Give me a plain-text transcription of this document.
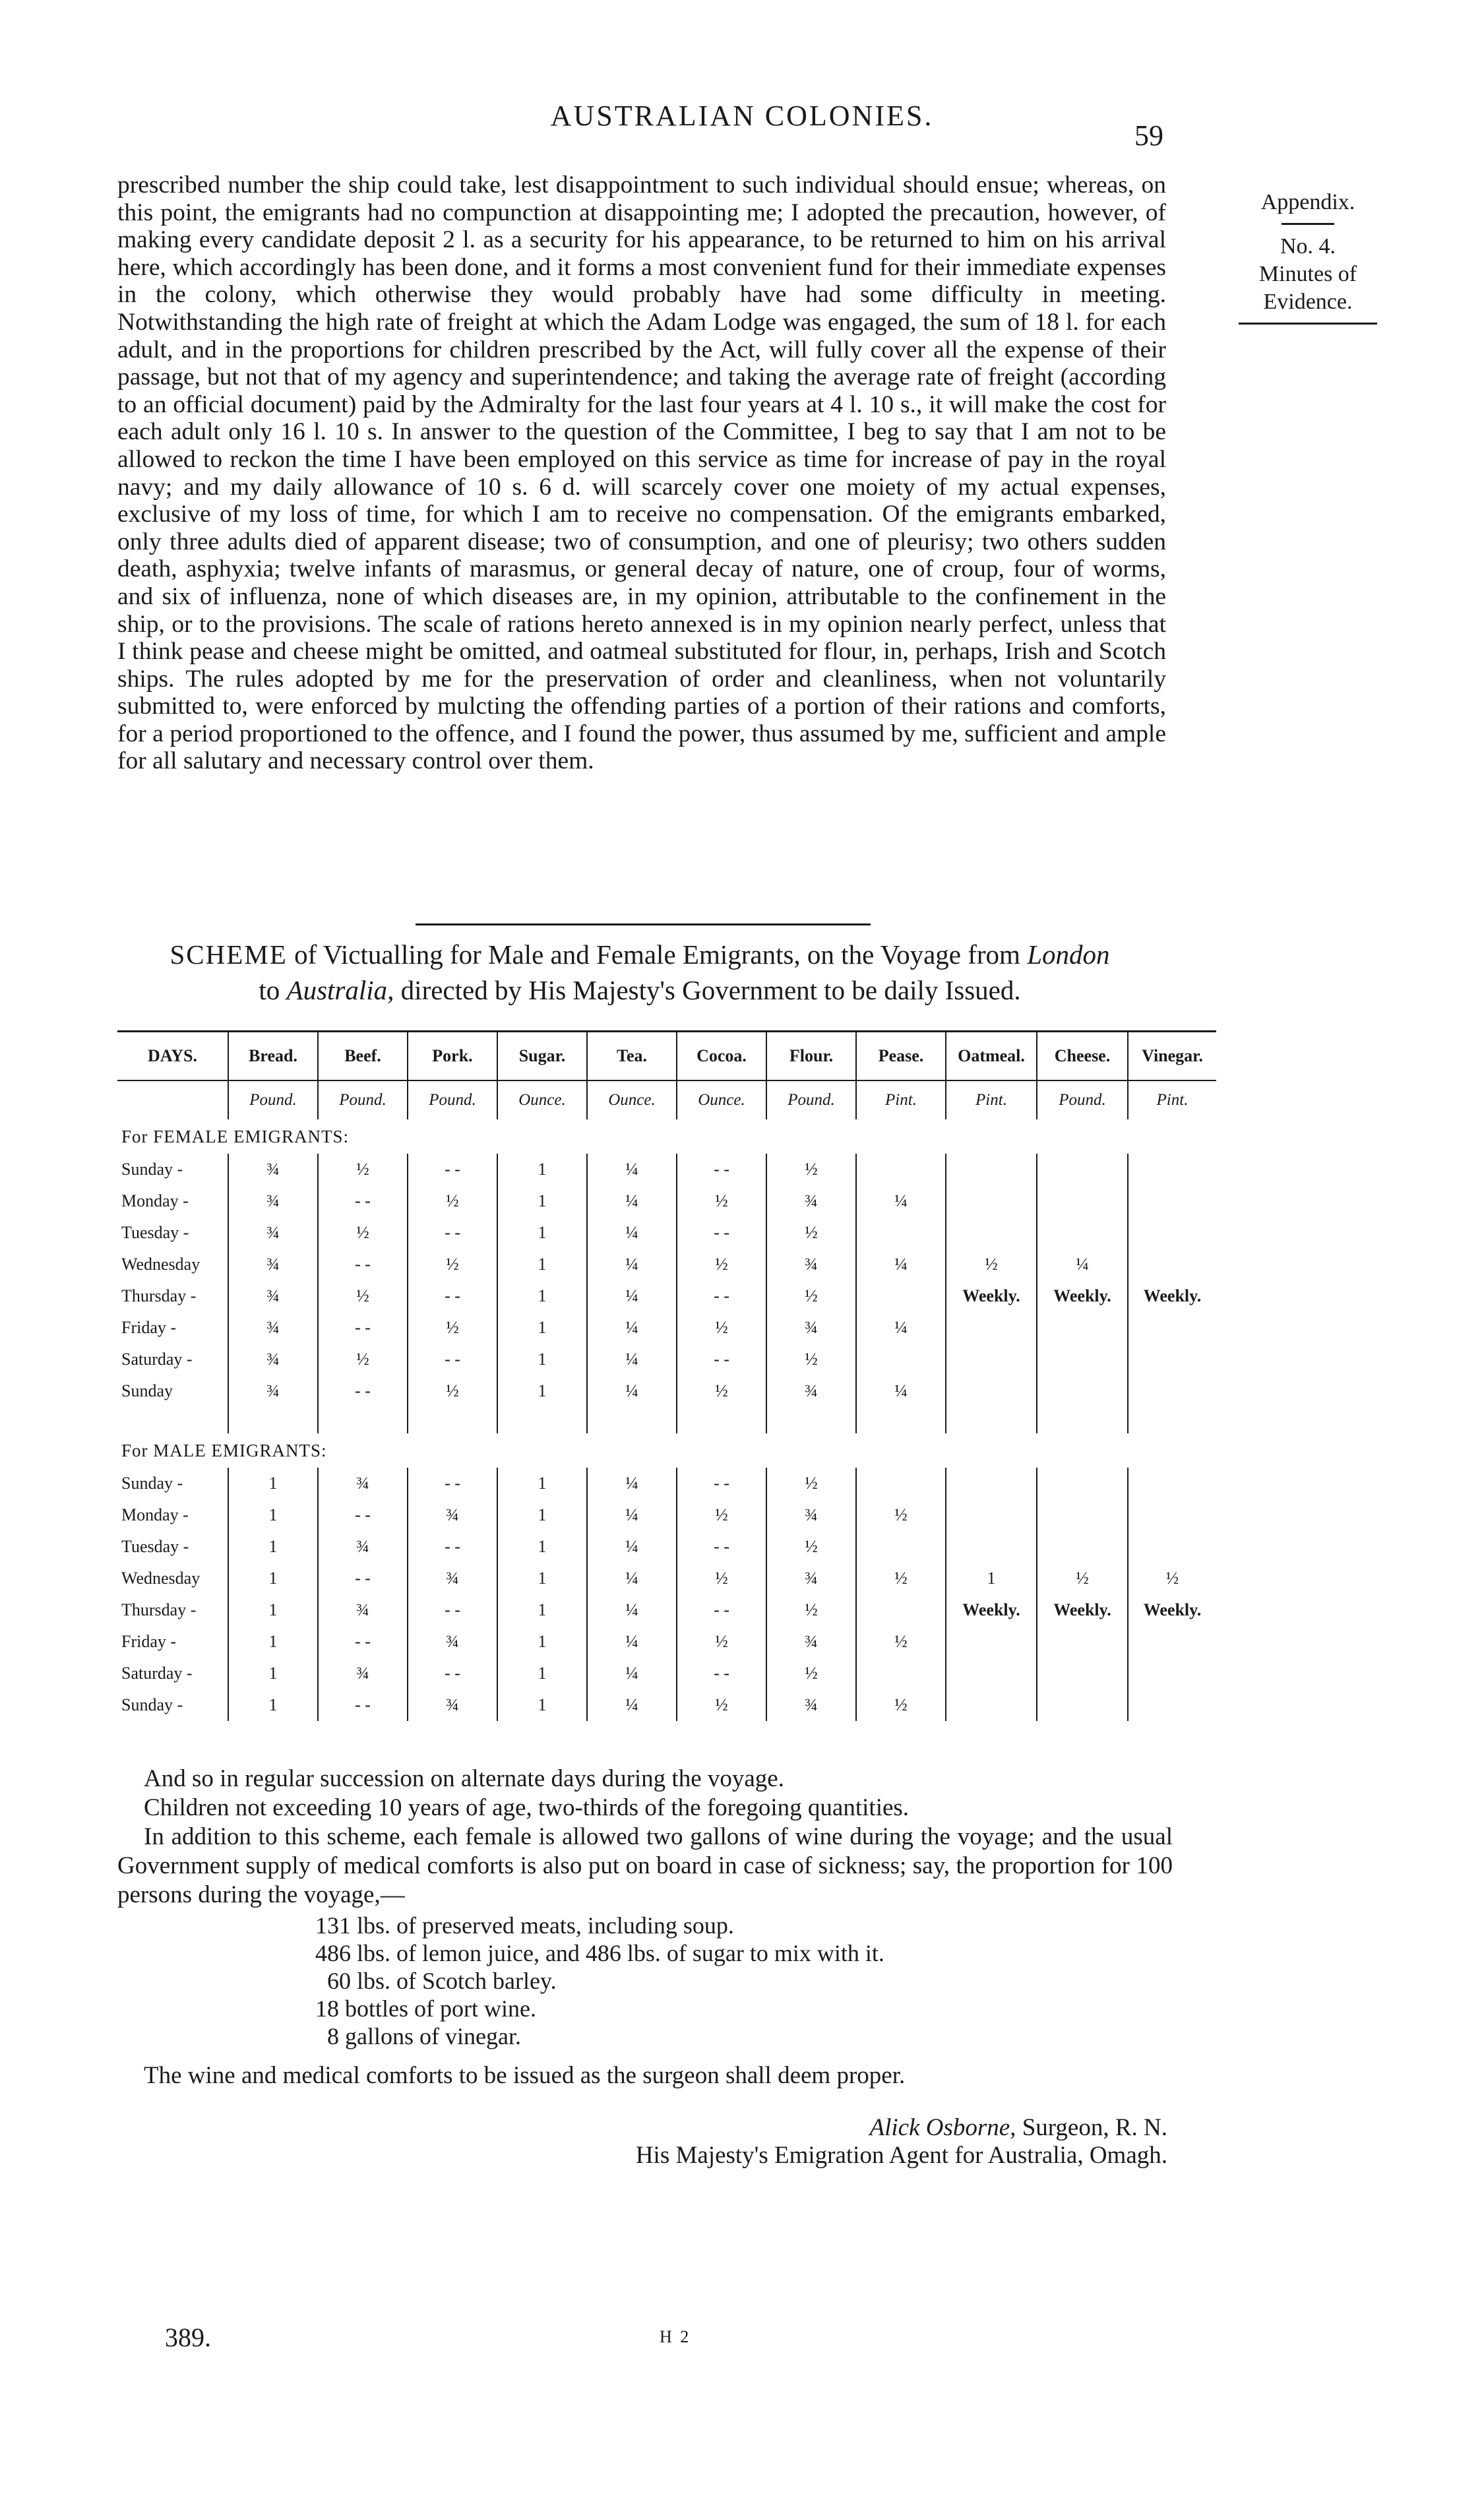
AUSTRALIAN COLONIES.
59
Appendix.
No. 4.
Minutes of
Evidence.
prescribed number the ship could take, lest disappointment to such individual should ensue; whereas, on this point, the emigrants had no compunction at disappointing me; I adopted the precaution, however, of making every candidate deposit 2 l. as a security for his appearance, to be returned to him on his arrival here, which accordingly has been done, and it forms a most convenient fund for their immediate expenses in the colony, which otherwise they would probably have had some difficulty in meeting. Notwithstanding the high rate of freight at which the Adam Lodge was engaged, the sum of 18 l. for each adult, and in the proportions for children prescribed by the Act, will fully cover all the expense of their passage, but not that of my agency and superintendence; and taking the average rate of freight (according to an official document) paid by the Admiralty for the last four years at 4 l. 10 s., it will make the cost for each adult only 16 l. 10 s. In answer to the question of the Committee, I beg to say that I am not to be allowed to reckon the time I have been employed on this service as time for increase of pay in the royal navy; and my daily allowance of 10 s. 6 d. will scarcely cover one moiety of my actual expenses, exclusive of my loss of time, for which I am to receive no compensation. Of the emigrants embarked, only three adults died of apparent disease; two of consumption, and one of pleurisy; two others sudden death, asphyxia; twelve infants of marasmus, or general decay of nature, one of croup, four of worms, and six of influenza, none of which diseases are, in my opinion, attributable to the confinement in the ship, or to the provisions. The scale of rations hereto annexed is in my opinion nearly perfect, unless that I think pease and cheese might be omitted, and oatmeal substituted for flour, in, perhaps, Irish and Scotch ships. The rules adopted by me for the preservation of order and cleanliness, when not voluntarily submitted to, were enforced by mulcting the offending parties of a portion of their rations and comforts, for a period proportioned to the offence, and I found the power, thus assumed by me, sufficient and ample for all salutary and necessary control over them.
SCHEME of Victualling for Male and Female Emigrants, on the Voyage from London
to Australia, directed by His Majesty's Government to be daily Issued.
DAYS.	Bread.	Beef.	Pork.	Sugar.	Tea.	Cocoa.	Flour.	Pease.	Oatmeal.	Cheese.	Vinegar.
	Pound.	Pound.	Pound.	Ounce.	Ounce.	Ounce.	Pound.	Pint.	Pint.	Pound.	Pint.
For FEMALE EMIGRANTS:											
Sunday -	¾	½	- -	1	¼	- -	½				
Monday -	¾	- -	½	1	¼	½	¾	¼			
Tuesday -	¾	½	- -	1	¼	- -	½				
Wednesday	¾	- -	½	1	¼	½	¾	¼	½	¼	
Thursday -	¾	½	- -	1	¼	- -	½		Weekly.	Weekly.	Weekly.
Friday -	¾	- -	½	1	¼	½	¾	¼			
Saturday -	¾	½	- -	1	¼	- -	½				
Sunday	¾	- -	½	1	¼	½	¾	¼			

For MALE EMIGRANTS:											
Sunday -	1	¾	- -	1	¼	- -	½				
Monday -	1	- -	¾	1	¼	½	¾	½			
Tuesday -	1	¾	- -	1	¼	- -	½				
Wednesday	1	- -	¾	1	¼	½	¾	½	1	½	½
Thursday -	1	¾	- -	1	¼	- -	½		Weekly.	Weekly.	Weekly.
Friday -	1	- -	¾	1	¼	½	¾	½			
Saturday -	1	¾	- -	1	¼	- -	½				
Sunday -	1	- -	¾	1	¼	½	¾	½			
And so in regular succession on alternate days during the voyage.
Children not exceeding 10 years of age, two-thirds of the foregoing quantities.
In addition to this scheme, each female is allowed two gallons of wine during the voyage; and the usual Government supply of medical comforts is also put on board in case of sickness; say, the proportion for 100 persons during the voyage,—
131 lbs. of preserved meats, including soup.
486 lbs. of lemon juice, and 486 lbs. of sugar to mix with it.
60 lbs. of Scotch barley.
18 bottles of port wine.
8 gallons of vinegar.
The wine and medical comforts to be issued as the surgeon shall deem proper.
Alick Osborne, Surgeon, R. N.
His Majesty's Emigration Agent for Australia, Omagh.
389.	H 2
